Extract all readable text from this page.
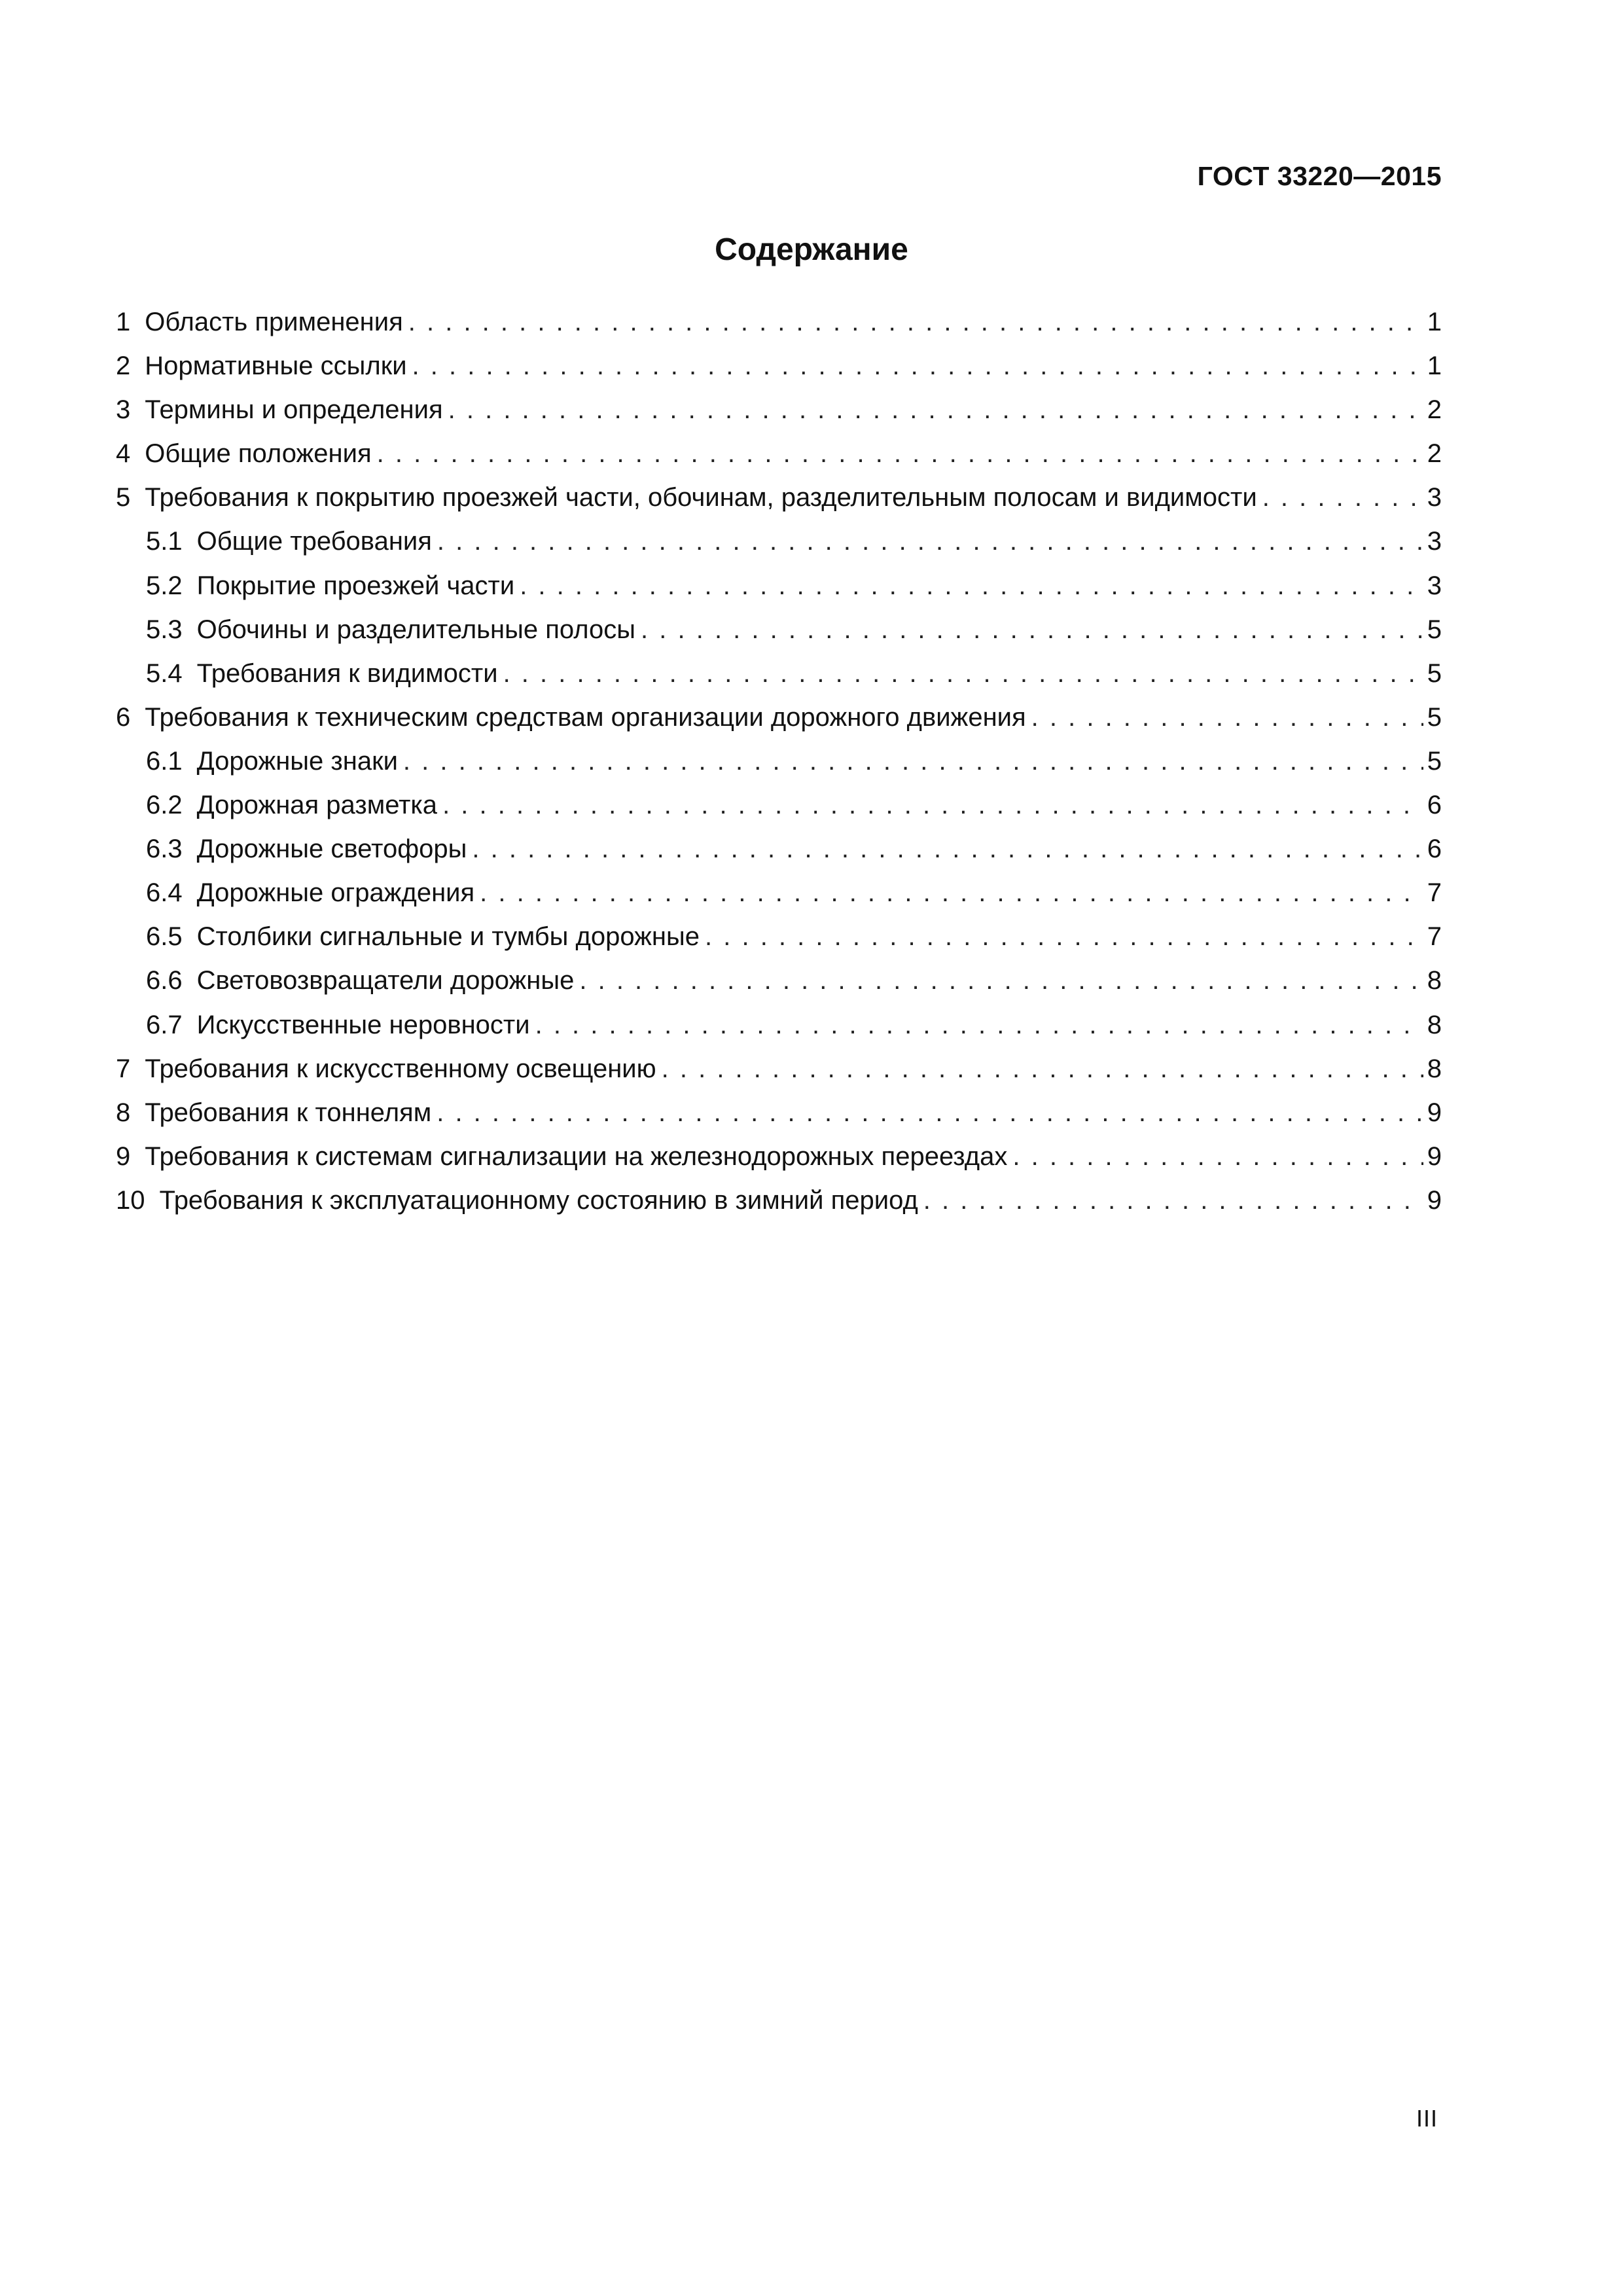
ГОСТ 33220—2015
Содержание
1 Область применения . . .	1
2 Нормативные ссылки . . .	1
3 Термины и определения . . .	2
4 Общие положения . . .	2
5 Требования к покрытию проезжей части, обочинам, разделительным полосам и видимости . . .	3
5.1 Общие требования . . .	3
5.2 Покрытие проезжей части . . .	3
5.3 Обочины и разделительные полосы . . .	5
5.4 Требования к видимости . . .	5
6 Требования к техническим средствам организации дорожного движения . . .	5
6.1 Дорожные знаки . . .	5
6.2 Дорожная разметка . . .	6
6.3 Дорожные светофоры . . .	6
6.4 Дорожные ограждения . . .	7
6.5 Столбики сигнальные и тумбы дорожные . . .	7
6.6 Световозвращатели дорожные . . .	8
6.7 Искусственные неровности . . .	8
7 Требования к искусственному освещению . . .	8
8 Требования к тоннелям . . .	9
9 Требования к системам сигнализации на железнодорожных переездах . . .	9
10 Требования к эксплуатационному состоянию в зимний период . . .	9
III
